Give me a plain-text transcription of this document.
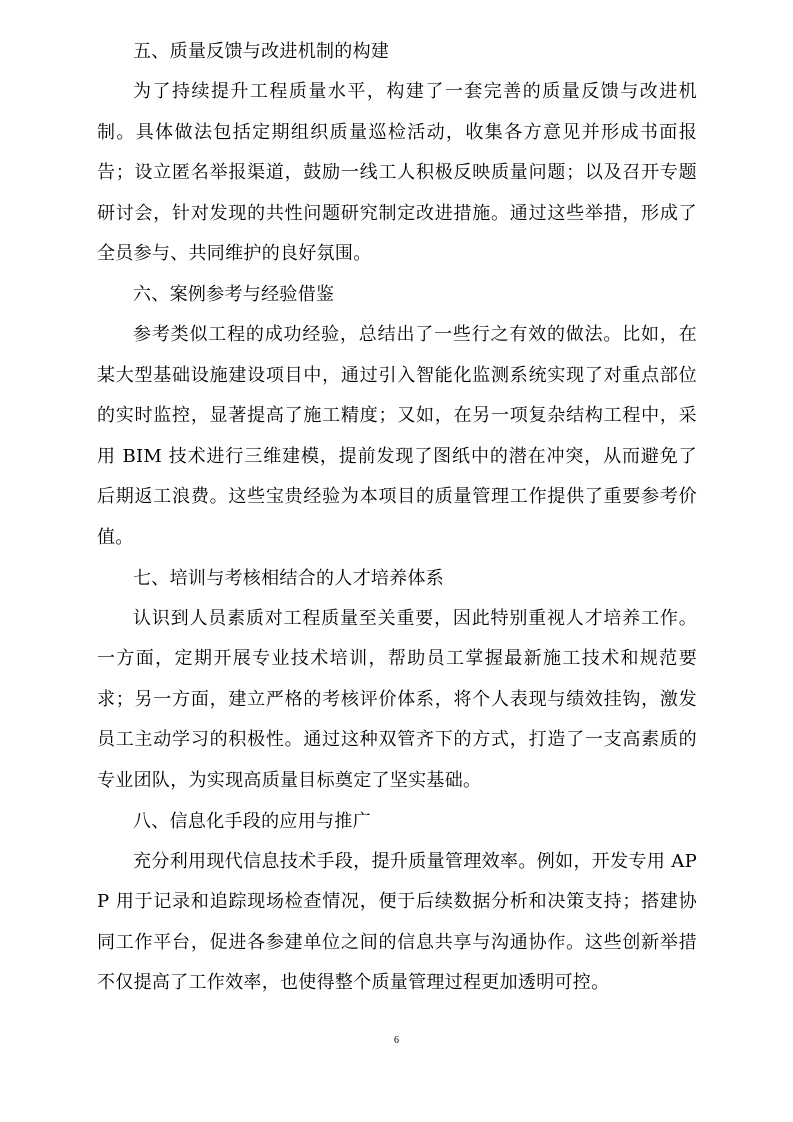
五、质量反馈与改进机制的构建

为了持续提升工程质量水平，构建了一套完善的质量反馈与改进机制。具体做法包括定期组织质量巡检活动，收集各方意见并形成书面报告；设立匿名举报渠道，鼓励一线工人积极反映质量问题；以及召开专题研讨会，针对发现的共性问题研究制定改进措施。通过这些举措，形成了全员参与、共同维护的良好氛围。

六、案例参考与经验借鉴

参考类似工程的成功经验，总结出了一些行之有效的做法。比如，在某大型基础设施建设项目中，通过引入智能化监测系统实现了对重点部位的实时监控，显著提高了施工精度；又如，在另一项复杂结构工程中，采用 BIM 技术进行三维建模，提前发现了图纸中的潜在冲突，从而避免了后期返工浪费。这些宝贵经验为本项目的质量管理工作提供了重要参考价值。

七、培训与考核相结合的人才培养体系

认识到人员素质对工程质量至关重要，因此特别重视人才培养工作。一方面，定期开展专业技术培训，帮助员工掌握最新施工技术和规范要求；另一方面，建立严格的考核评价体系，将个人表现与绩效挂钩，激发员工主动学习的积极性。通过这种双管齐下的方式，打造了一支高素质的专业团队，为实现高质量目标奠定了坚实基础。

八、信息化手段的应用与推广

充分利用现代信息技术手段，提升质量管理效率。例如，开发专用 APP 用于记录和追踪现场检查情况，便于后续数据分析和决策支持；搭建协同工作平台，促进各参建单位之间的信息共享与沟通协作。这些创新举措不仅提高了工作效率，也使得整个质量管理过程更加透明可控。

6
